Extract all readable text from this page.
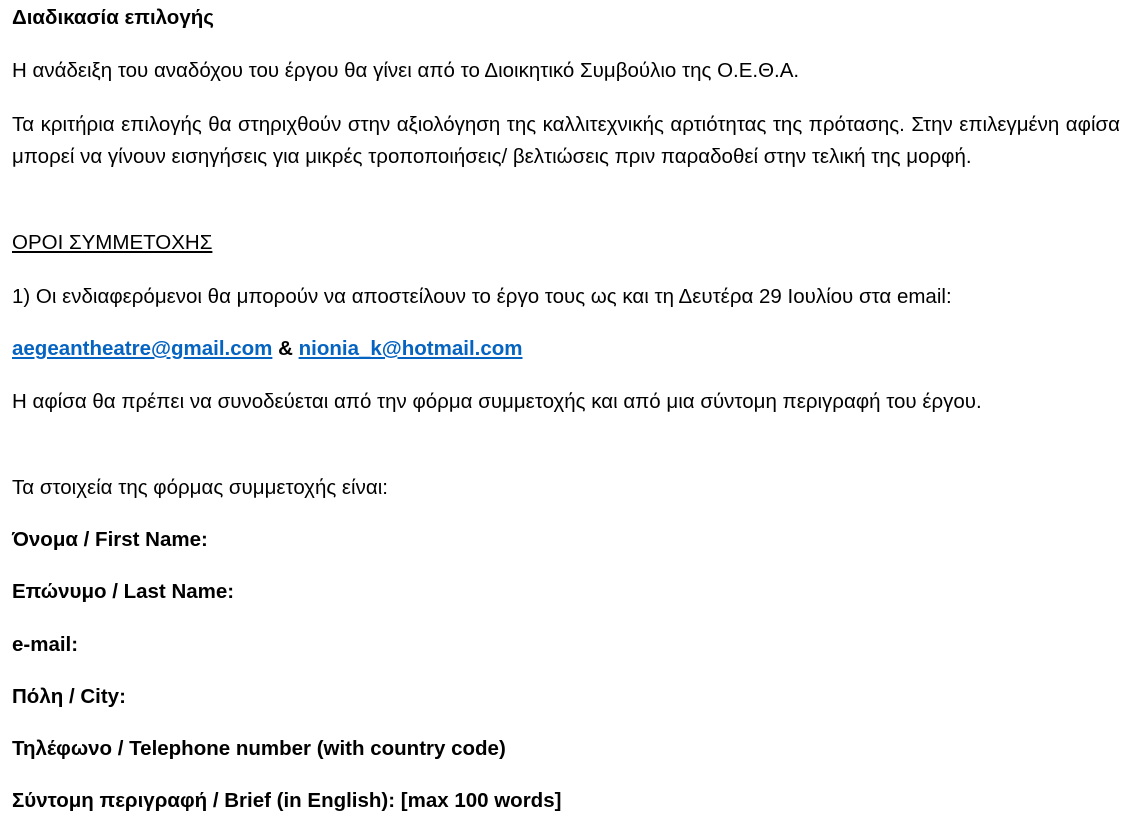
Διαδικασία επιλογής

Η ανάδειξη του αναδόχου του έργου θα γίνει από το Διοικητικό Συμβούλιο της Ο.Ε.Θ.Α.

Τα κριτήρια επιλογής θα στηριχθούν στην αξιολόγηση της καλλιτεχνικής αρτιότητας της πρότασης. Στην επιλεγμένη αφίσα μπορεί να γίνουν εισηγήσεις για μικρές τροποποιήσεις/ βελτιώσεις πριν παραδοθεί στην τελική της μορφή.

ΟΡΟΙ ΣΥΜΜΕΤΟΧΗΣ

1) Οι ενδιαφερόμενοι θα μπορούν να αποστείλουν το έργο τους ως και τη Δευτέρα 29 Ιουλίου στα email:

aegeantheatre@gmail.com & nionia_k@hotmail.com

Η αφίσα θα πρέπει να συνοδεύεται από την φόρμα συμμετοχής και από μια σύντομη περιγραφή του έργου.

Τα στοιχεία της φόρμας συμμετοχής είναι:

Όνομα / First Name:

Επώνυμο / Last Name:

e-mail:

Πόλη / City:

Τηλέφωνο / Telephone number (with country code)

Σύντομη περιγραφή / Brief (in English): [max 100 words]
